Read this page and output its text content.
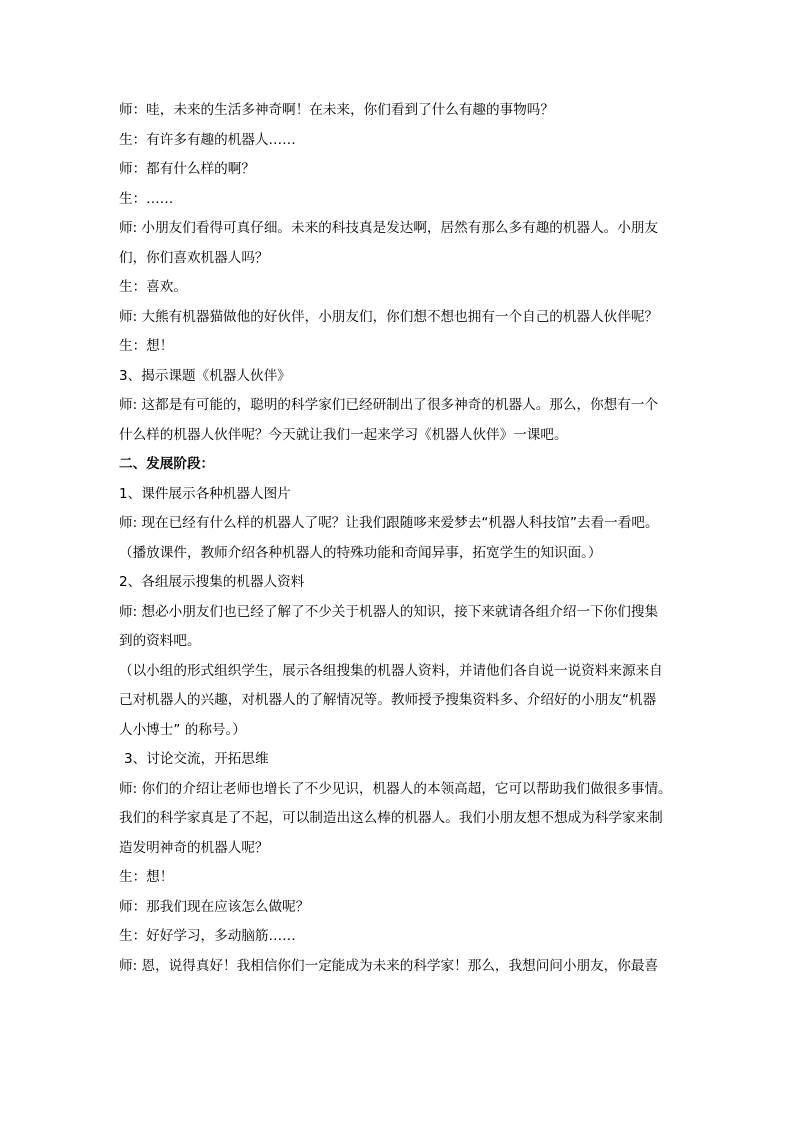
师：哇，未来的生活多神奇啊！在未来，你们看到了什么有趣的事物吗？
生：有许多有趣的机器人……
师：都有什么样的啊？
生：……
师: 小朋友们看得可真仔细。未来的科技真是发达啊，居然有那么多有趣的机器人。小朋友
们，你们喜欢机器人吗？
生：喜欢。
师: 大熊有机器猫做他的好伙伴，小朋友们，你们想不想也拥有一个自己的机器人伙伴呢？
生：想！
3、揭示课题《机器人伙伴》
师: 这都是有可能的，聪明的科学家们已经研制出了很多神奇的机器人。那么，你想有一个
什么样的机器人伙伴呢？今天就让我们一起来学习《机器人伙伴》一课吧。
二、发展阶段：
1、课件展示各种机器人图片
师: 现在已经有什么样的机器人了呢？让我们跟随哆来爱梦去“机器人科技馆”去看一看吧。
（播放课件，教师介绍各种机器人的特殊功能和奇闻异事，拓宽学生的知识面。）
2、各组展示搜集的机器人资料
师: 想必小朋友们也已经了解了不少关于机器人的知识，接下来就请各组介绍一下你们搜集
到的资料吧。
（以小组的形式组织学生，展示各组搜集的机器人资料，并请他们各自说一说资料来源来自
己对机器人的兴趣，对机器人的了解情况等。教师授予搜集资料多、介绍好的小朋友“机器
人小博士” 的称号。）
3、讨论交流，开拓思维
师: 你们的介绍让老师也增长了不少见识，机器人的本领高超，它可以帮助我们做很多事情。
我们的科学家真是了不起，可以制造出这么棒的机器人。我们小朋友想不想成为科学家来制
造发明神奇的机器人呢？
生：想！
师：那我们现在应该怎么做呢？
生：好好学习，多动脑筋……
师: 恩，说得真好！我相信你们一定能成为未来的科学家！那么，我想问问小朋友，你最喜
